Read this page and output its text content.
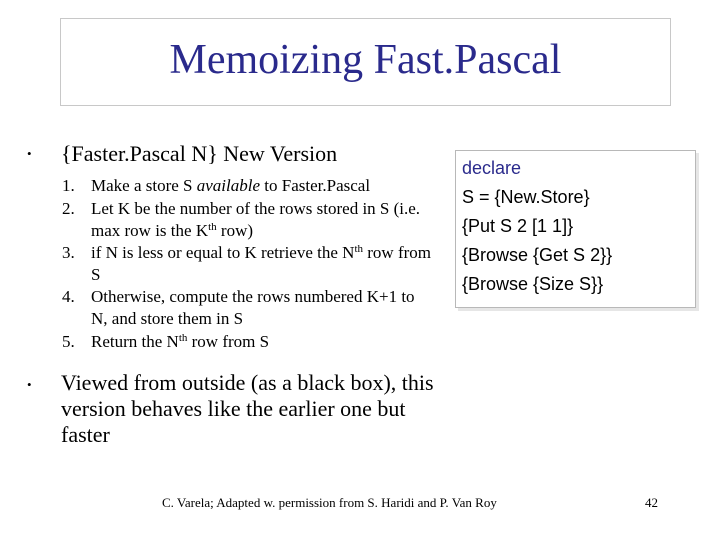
Memoizing Fast.Pascal
• {Faster.Pascal N} New Version
1. Make a store S available to Faster.Pascal
2. Let K be the number of the rows stored in S (i.e. max row is the $K^{th}$ row)
3. if N is less or equal to K retrieve the $N^{th}$ row from S
4. Otherwise, compute the rows numbered K+1 to N, and store them in S
5. Return the $N^{th}$ row from S
• Viewed from outside (as a black box), this version behaves like the earlier one but faster
declare
S = {New.Store}
{Put S 2 [1 1]}
{Browse {Get S 2}}
{Browse {Size S}}
C. Varela; Adapted w. permission from S. Haridi and P. Van Roy	42
